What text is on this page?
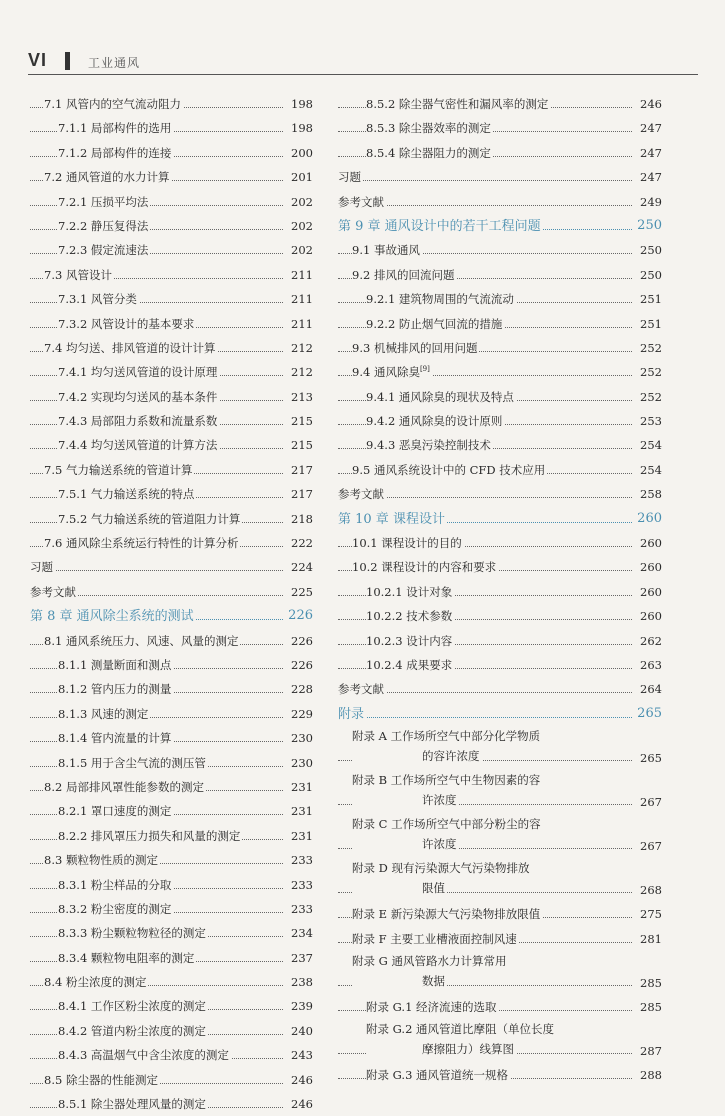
VI	工业通风
7.1 风管内的空气流动阻力	198
7.1.1 局部构件的选用	198
7.1.2 局部构件的连接	200
7.2 通风管道的水力计算	201
7.2.1 压损平均法	202
7.2.2 静压复得法	202
7.2.3 假定流速法	202
7.3 风管设计	211
7.3.1 风管分类	211
7.3.2 风管设计的基本要求	211
7.4 均匀送、排风管道的设计计算	212
7.4.1 均匀送风管道的设计原理	212
7.4.2 实现均匀送风的基本条件	213
7.4.3 局部阻力系数和流量系数	215
7.4.4 均匀送风管道的计算方法	215
7.5 气力输送系统的管道计算	217
7.5.1 气力输送系统的特点	217
7.5.2 气力输送系统的管道阻力计算	218
7.6 通风除尘系统运行特性的计算分析	222
习题	224
参考文献	225
第 8 章 通风除尘系统的测试	226
8.1 通风系统压力、风速、风量的测定	226
8.1.1 测量断面和测点	226
8.1.2 管内压力的测量	228
8.1.3 风速的测定	229
8.1.4 管内流量的计算	230
8.1.5 用于含尘气流的测压管	230
8.2 局部排风罩性能参数的测定	231
8.2.1 罩口速度的测定	231
8.2.2 排风罩压力损失和风量的测定	231
8.3 颗粒物性质的测定	233
8.3.1 粉尘样品的分取	233
8.3.2 粉尘密度的测定	233
8.3.3 粉尘颗粒物粒径的测定	234
8.3.4 颗粒物电阻率的测定	237
8.4 粉尘浓度的测定	238
8.4.1 工作区粉尘浓度的测定	239
8.4.2 管道内粉尘浓度的测定	240
8.4.3 高温烟气中含尘浓度的测定	243
8.5 除尘器的性能测定	246
8.5.1 除尘器处理风量的测定	246
8.5.2 除尘器气密性和漏风率的测定	246
8.5.3 除尘器效率的测定	247
8.5.4 除尘器阻力的测定	247
习题	247
参考文献	249
第 9 章 通风设计中的若干工程问题	250
9.1 事故通风	250
9.2 排风的回流问题	250
9.2.1 建筑物周围的气流流动	251
9.2.2 防止烟气回流的措施	251
9.3 机械排风的回用问题	252
9.4 通风除臭[9]	252
9.4.1 通风除臭的现状及特点	252
9.4.2 通风除臭的设计原则	253
9.4.3 恶臭污染控制技术	254
9.5 通风系统设计中的 CFD 技术应用	254
参考文献	258
第 10 章 课程设计	260
10.1 课程设计的目的	260
10.2 课程设计的内容和要求	260
10.2.1 设计对象	260
10.2.2 技术参数	260
10.2.3 设计内容	262
10.2.4 成果要求	263
参考文献	264
附录	265
附录 A 工作场所空气中部分化学物质
的容许浓度	265
附录 B 工作场所空气中生物因素的容
许浓度	267
附录 C 工作场所空气中部分粉尘的容
许浓度	267
附录 D 现有污染源大气污染物排放
限值	268
附录 E 新污染源大气污染物排放限值	275
附录 F 主要工业槽液面控制风速	281
附录 G 通风管路水力计算常用
数据	285
附录 G.1 经济流速的选取	285
附录 G.2 通风管道比摩阻（单位长度
摩擦阻力）线算图	287
附录 G.3 通风管道统一规格	288
